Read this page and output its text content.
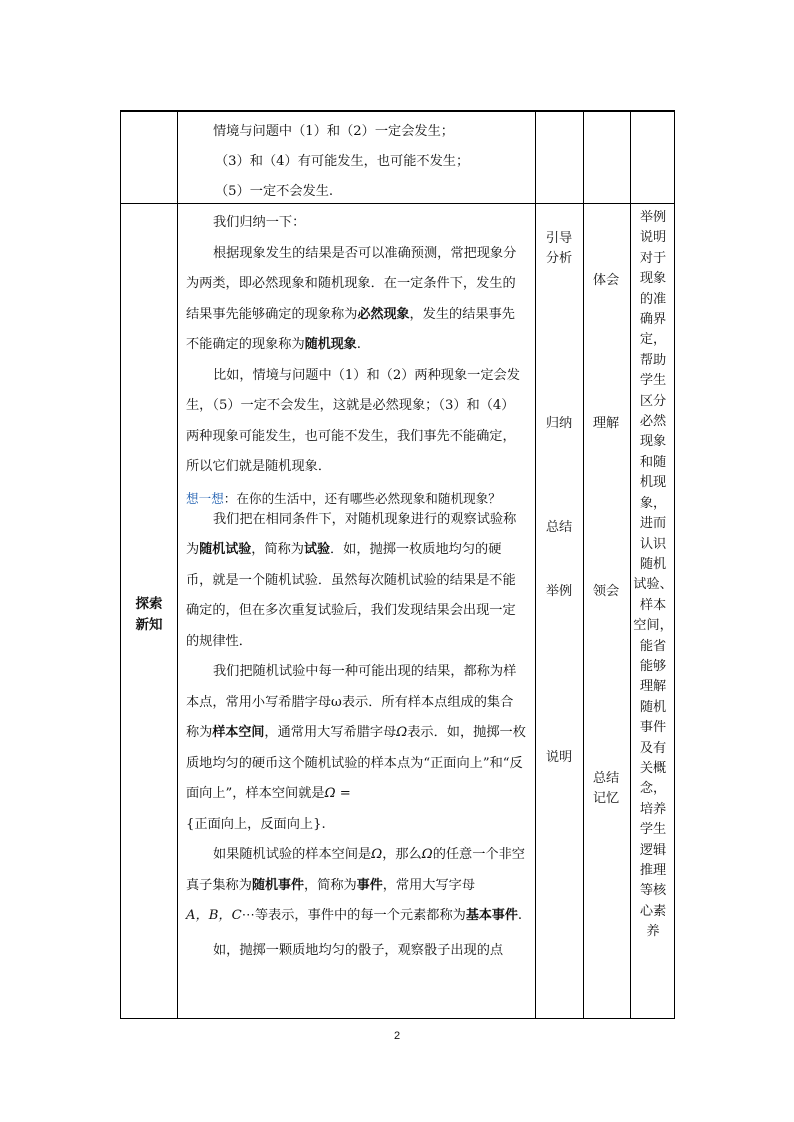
情境与问题中（1）和（2）一定会发生；
（3）和（4）有可能发生，也可能不发生；
（5）一定不会发生.
探索
新知

我们归纳一下：

根据现象发生的结果是否可以准确预测，常把现象分为两类，即必然现象和随机现象．在一定条件下，发生的结果事先能够确定的现象称为必然现象，发生的结果事先不能确定的现象称为随机现象.

比如，情境与问题中（1）和（2）两种现象一定会发生，（5）一定不会发生，这就是必然现象；（3）和（4）两种现象可能发生，也可能不发生，我们事先不能确定，所以它们就是随机现象．

我们把在相同条件下，对随机现象进行的观察试验称为随机试验，简称为试验．如，抛掷一枚质地均匀的硬币，就是一个随机试验．虽然每次随机试验的结果是不能确定的，但在多次重复试验后，我们发现结果会出现一定的规律性．

我们把随机试验中每一种可能出现的结果，都称为样本点，常用小写希腊字母ω表示．所有样本点组成的集合称为样本空间，通常用大写希腊字母Ω表示．如，抛掷一枚质地均匀的硬币这个随机试验的样本点为“正面向上”和“反面向上”，样本空间就是Ω =
{正面向上，反面向上}.

如果随机试验的样本空间是Ω，那么Ω的任意一个非空真子集称为随机事件，简称为事件，常用大写字母
A，B，C⋯等表示，事件中的每一个元素都称为基本事件.

如，抛掷一颗质地均匀的骰子，观察骰子出现的点

想一想：在你的生活中，还有哪些必然现象和随机现象？
引导
分析
归纳
总结
举例
说明
体会
理解
领会
总结
记忆
举例
说明
对于
现象
的准
确界
定，
帮助
学生
区分
必然
现象
和随
机现
象，
进而
认识
随机
试验、
样本
空间，
能省
能够
理解
随机
事件
及有
关概
念，
培养
学生
逻辑
推理
等核
心素
养
2
